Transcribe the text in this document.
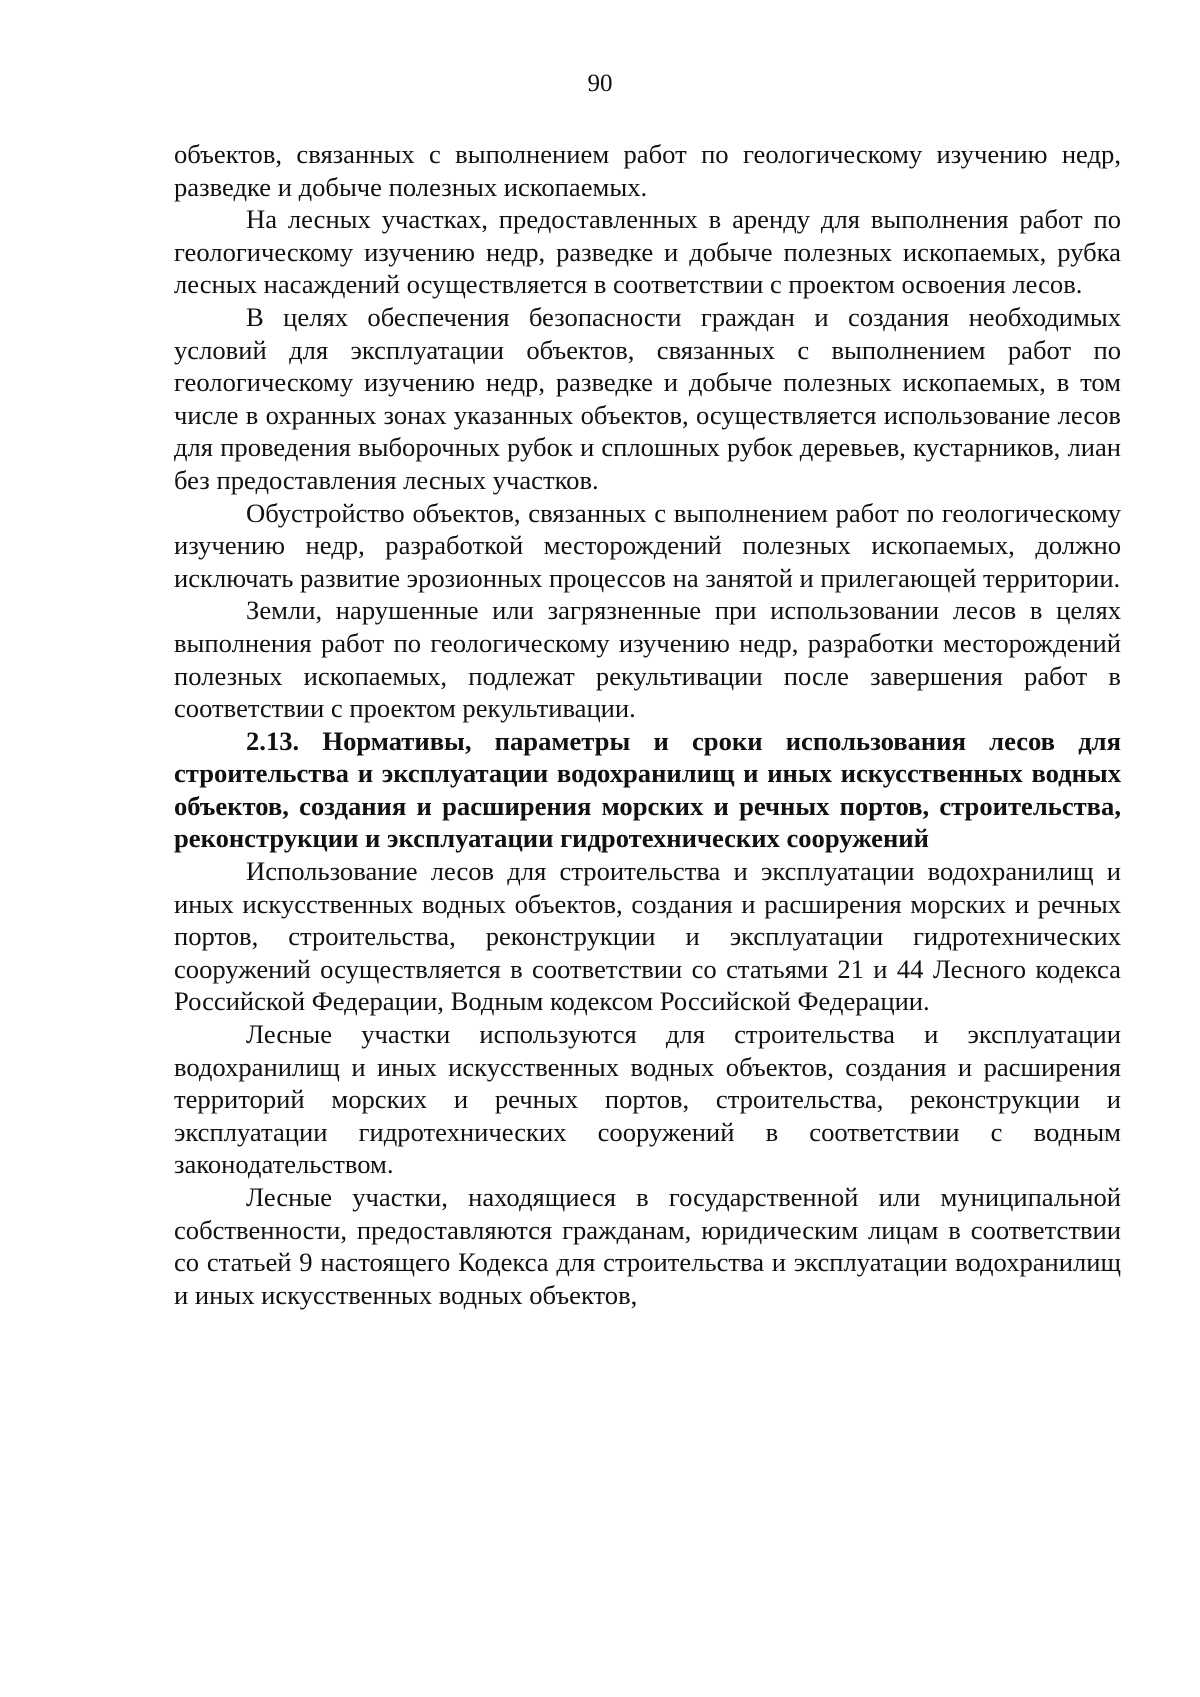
90

объектов, связанных с выполнением работ по геологическому изучению недр, разведке и добыче полезных ископаемых.

На лесных участках, предоставленных в аренду для выполнения работ по геологическому изучению недр, разведке и добыче полезных ископаемых, рубка лесных насаждений осуществляется в соответствии с проектом освоения лесов.

В целях обеспечения безопасности граждан и создания необходимых условий для эксплуатации объектов, связанных с выполнением работ по геологическому изучению недр, разведке и добыче полезных ископаемых, в том числе в охранных зонах указанных объектов, осуществляется использование лесов для проведения выборочных рубок и сплошных рубок деревьев, кустарников, лиан без предоставления лесных участков.

Обустройство объектов, связанных с выполнением работ по геологическому изучению недр, разработкой месторождений полезных ископаемых, должно исключать развитие эрозионных процессов на занятой и прилегающей территории.

Земли, нарушенные или загрязненные при использовании лесов в целях выполнения работ по геологическому изучению недр, разработки месторождений полезных ископаемых, подлежат рекультивации после завершения работ в соответствии с проектом рекультивации.

2.13. Нормативы, параметры и сроки использования лесов для строительства и эксплуатации водохранилищ и иных искусственных водных объектов, создания и расширения морских и речных портов, строительства, реконструкции и эксплуатации гидротехнических сооружений

Использование лесов для строительства и эксплуатации водохранилищ и иных искусственных водных объектов, создания и расширения морских и речных портов, строительства, реконструкции и эксплуатации гидротехнических сооружений осуществляется в соответствии со статьями 21 и 44 Лесного кодекса Российской Федерации, Водным кодексом Российской Федерации.

Лесные участки используются для строительства и эксплуатации водохранилищ и иных искусственных водных объектов, создания и расширения территорий морских и речных портов, строительства, реконструкции и эксплуатации гидротехнических сооружений в соответствии с водным законодательством.

Лесные участки, находящиеся в государственной или муниципальной собственности, предоставляются гражданам, юридическим лицам в соответствии со статьей 9 настоящего Кодекса для строительства и эксплуатации водохранилищ и иных искусственных водных объектов,
